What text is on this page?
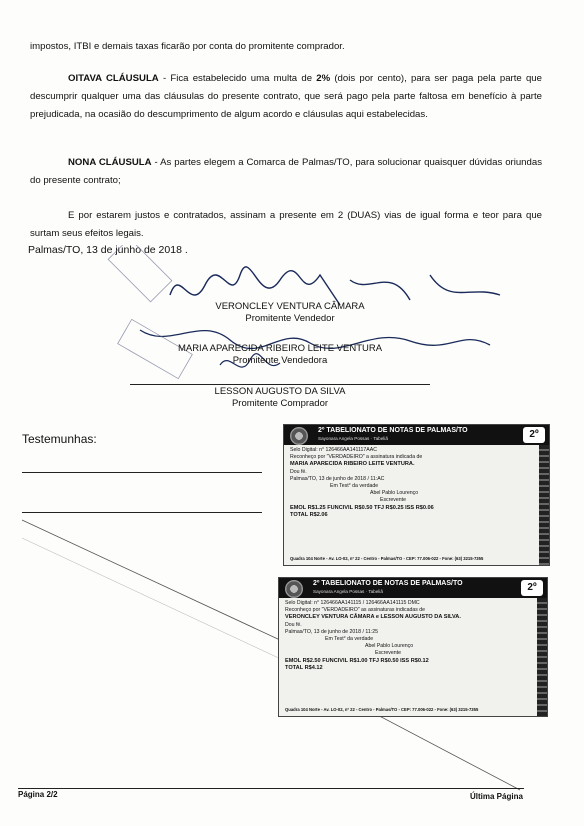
impostos, ITBI e demais taxas ficarão por conta do promitente comprador.
OITAVA CLÁUSULA - Fica estabelecido uma multa de 2% (dois por cento), para ser paga pela parte que descumprir qualquer uma das cláusulas do presente contrato, que será pago pela parte faltosa em benefício à parte prejudicada, na ocasião do descumprimento de algum acordo e cláusulas aqui estabelecidas.
NONA CLÁUSULA - As partes elegem a Comarca de Palmas/TO, para solucionar quaisquer dúvidas oriundas do presente contrato;
E por estarem justos e contratados, assinam a presente em 2 (DUAS) vias de igual forma e teor para que surtam seus efeitos legais.
Palmas/TO, 13 de junho de 2018 .
VERONCLEY VENTURA CÂMARA
Promitente Vendedor
MARIA APARECIDA RIBEIRO LEITE VENTURA
Promitente Vendedora
LESSON AUGUSTO DA SILVA
Promitente Comprador
Testemunhas:
2º TABELIONATO DE NOTAS DE PALMAS/TO
Sayonara Angela Possas · Tabeliã	2º
Selo Digital: n° 126466AA141117AAC
Reconheço por "VERDADEIRO" a assinatura indicada de
MARIA APARECIDA RIBEIRO LEITE VENTURA.
Dou fé.
Palmas/TO, 13 de junho de 2018 / 11:AC
Em Test° da verdade
Abel Pablo Lourenço
Escrevente
EMOL R$1.25 FUNCIVIL R$0.50 TFJ R$0.25 ISS R$0.06
TOTAL R$2.06
Quadra 104 Norte - Av. LO-02, nº 22 - Centro - Palmas/TO - CEP: 77.006-022 - Fone: (63) 3215-7355
2º TABELIONATO DE NOTAS DE PALMAS/TO
Sayonara Angela Possas · Tabeliã	2º
Selo Digital: n° 126466AA141115 / 126466AA141115 DMC
Reconheço por "VERDADEIRO" as assinaturas indicadas de
VERONCLEY VENTURA CÂMARA e LESSON AUGUSTO DA SILVA.
Dou fé.
Palmas/TO, 13 de junho de 2018 / 11:25
Em Test° da verdade
Abel Pablo Lourenço
Escrevente
EMOL R$2.50 FUNCIVIL R$1.00 TFJ R$0.50 ISS R$0.12
TOTAL R$4.12
Quadra 104 Norte - Av. LO-02, nº 22 - Centro - Palmas/TO - CEP: 77.006-022 - Fone: (63) 3215-7355
Página 2/2	Última Página
